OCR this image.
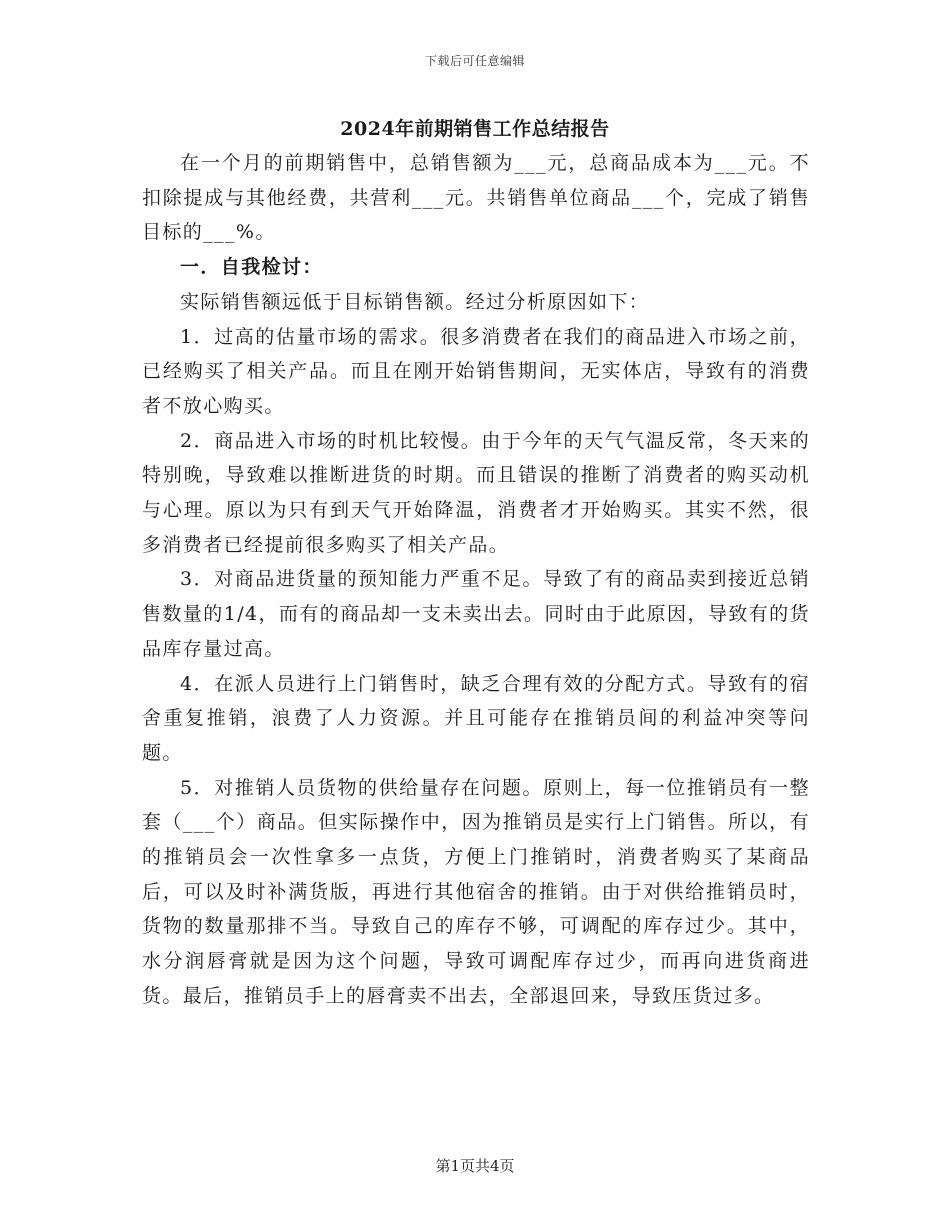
下载后可任意编辑
2024年前期销售工作总结报告

在一个月的前期销售中，总销售额为___元，总商品成本为___元。不扣除提成与其他经费，共营利___元。共销售单位商品___个，完成了销售目标的___%。

一．自我检讨：

实际销售额远低于目标销售额。经过分析原因如下：

1．过高的估量市场的需求。很多消费者在我们的商品进入市场之前，已经购买了相关产品。而且在刚开始销售期间，无实体店，导致有的消费者不放心购买。

2．商品进入市场的时机比较慢。由于今年的天气气温反常，冬天来的特别晚，导致难以推断进货的时期。而且错误的推断了消费者的购买动机与心理。原以为只有到天气开始降温，消费者才开始购买。其实不然，很多消费者已经提前很多购买了相关产品。

3．对商品进货量的预知能力严重不足。导致了有的商品卖到接近总销售数量的1/4，而有的商品却一支未卖出去。同时由于此原因，导致有的货品库存量过高。

4．在派人员进行上门销售时，缺乏合理有效的分配方式。导致有的宿舍重复推销，浪费了人力资源。并且可能存在推销员间的利益冲突等问题。

5．对推销人员货物的供给量存在问题。原则上，每一位推销员有一整套（___个）商品。但实际操作中，因为推销员是实行上门销售。所以，有的推销员会一次性拿多一点货，方便上门推销时，消费者购买了某商品后，可以及时补满货版，再进行其他宿舍的推销。由于对供给推销员时，货物的数量那排不当。导致自己的库存不够，可调配的库存过少。其中，水分润唇膏就是因为这个问题，导致可调配库存过少，而再向进货商进货。最后，推销员手上的唇膏卖不出去，全部退回来，导致压货过多。

第1页共4页
